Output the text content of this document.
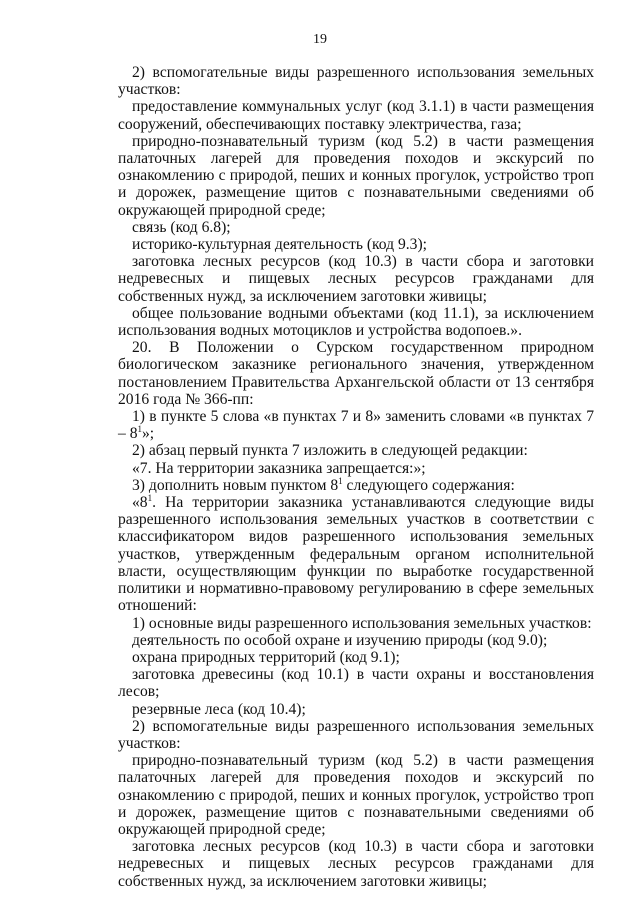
19

2) вспомогательные виды разрешенного использования земельных участков:

предоставление коммунальных услуг (код 3.1.1) в части размещения сооружений, обеспечивающих поставку электричества, газа;

природно-познавательный туризм (код 5.2) в части размещения палаточных лагерей для проведения походов и экскурсий по ознакомлению с природой, пеших и конных прогулок, устройство троп и дорожек, размещение щитов с познавательными сведениями об окружающей природной среде;

связь (код 6.8);

историко-культурная деятельность (код 9.3);

заготовка лесных ресурсов (код 10.3) в части сбора и заготовки недревесных и пищевых лесных ресурсов гражданами для собственных нужд, за исключением заготовки живицы;

общее пользование водными объектами (код 11.1), за исключением использования водных мотоциклов и устройства водопоев.».

20. В Положении о Сурском государственном природном биологическом заказнике регионального значения, утвержденном постановлением Правительства Архангельской области от 13 сентября 2016 года № 366-пп:

1) в пункте 5 слова «в пунктах 7 и 8» заменить словами «в пунктах $7 - 8^1$»;

2) абзац первый пункта 7 изложить в следующей редакции:

«7. На территории заказника запрещается:»;

3) дополнить новым пунктом $8^1$ следующего содержания:

«$8^1$. На территории заказника устанавливаются следующие виды разрешенного использования земельных участков в соответствии с классификатором видов разрешенного использования земельных участков, утвержденным федеральным органом исполнительной власти, осуществляющим функции по выработке государственной политики и нормативно-правовому регулированию в сфере земельных отношений:

1) основные виды разрешенного использования земельных участков:

деятельность по особой охране и изучению природы (код 9.0);

охрана природных территорий (код 9.1);

заготовка древесины (код 10.1) в части охраны и восстановления лесов;

резервные леса (код 10.4);

2) вспомогательные виды разрешенного использования земельных участков:

природно-познавательный туризм (код 5.2) в части размещения палаточных лагерей для проведения походов и экскурсий по ознакомлению с природой, пеших и конных прогулок, устройство троп и дорожек, размещение щитов с познавательными сведениями об окружающей природной среде;

заготовка лесных ресурсов (код 10.3) в части сбора и заготовки недревесных и пищевых лесных ресурсов гражданами для собственных нужд, за исключением заготовки живицы;
